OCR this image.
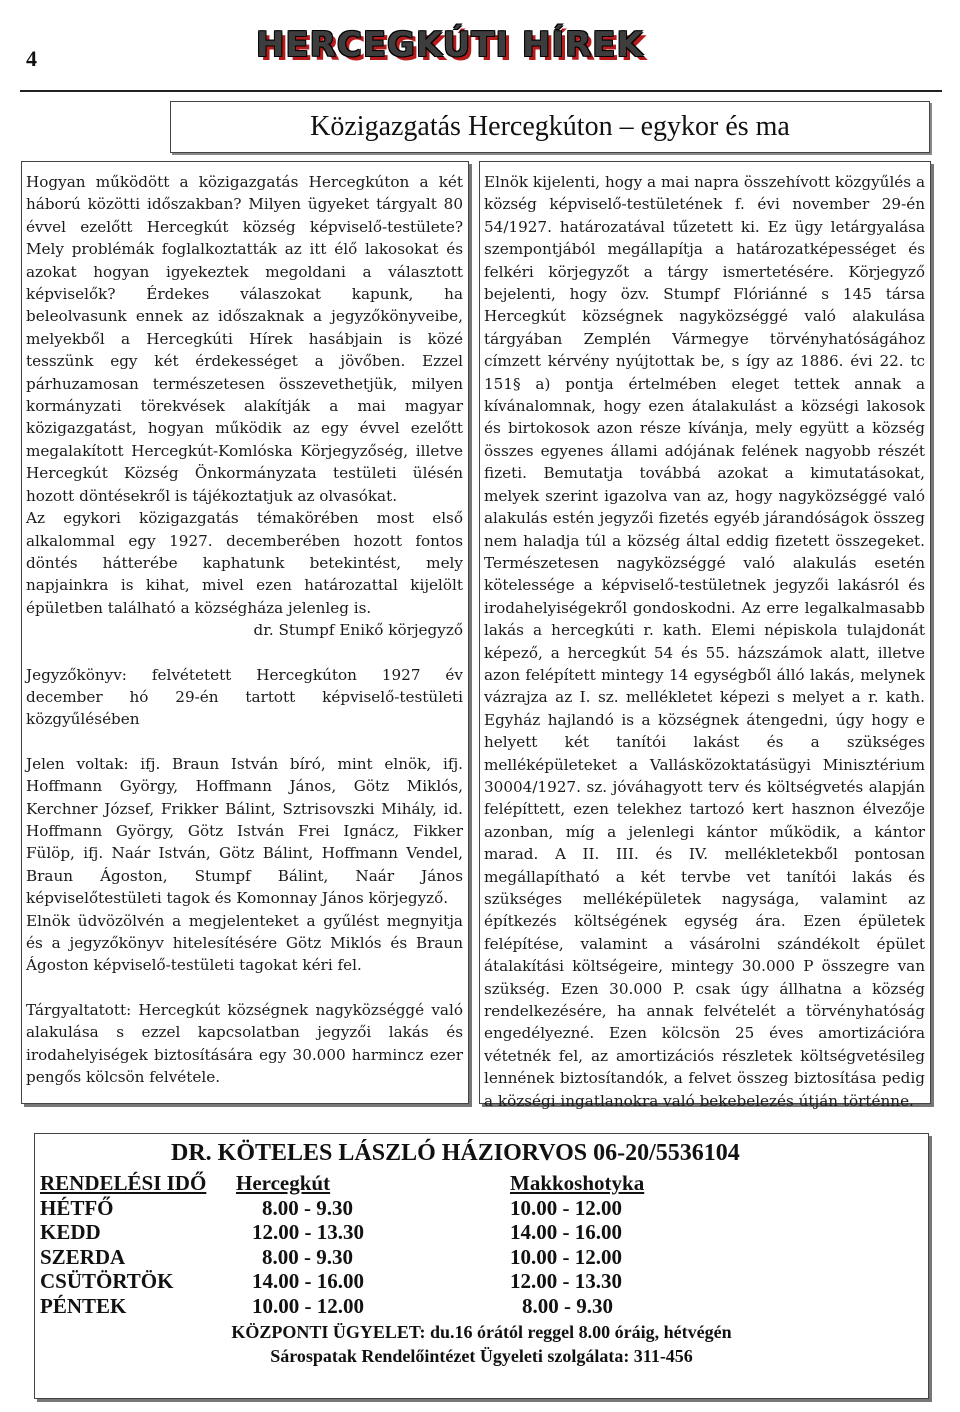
4	HERCEGKÚTI HÍREK
Közigazgatás Hercegkúton – egykor és ma

Hogyan működött a közigazgatás Hercegkúton a két háború közötti időszakban? Milyen ügyeket tárgyalt 80 évvel ezelőtt Hercegkút község képviselő-testülete? Mely problémák foglalkoztatták az itt élő lakosokat és azokat hogyan igyekeztek megoldani a választott képviselők? Érdekes válaszokat kapunk, ha beleolvasunk ennek az időszaknak a jegyzőkönyveibe, melyekből a Hercegkúti Hírek hasábjain is közé tesszünk egy két érdekességet a jövőben. Ezzel párhuzamosan természetesen összevethetjük, milyen kormányzati törekvések alakítják a mai magyar közigazgatást, hogyan működik az egy évvel ezelőtt megalakított Hercegkút-Komlóska Körjegyzőség, illetve Hercegkút Község Önkormányzata testületi ülésén hozott döntésekről is tájékoztatjuk az olvasókat.

Az egykori közigazgatás témakörében most első alkalommal egy 1927. decemberében hozott fontos döntés hátterébe kaphatunk betekintést, mely napjainkra is kihat, mivel ezen határozattal kijelölt épületben található a községháza jelenleg is.

dr. Stumpf Enikő körjegyző

Jegyzőkönyv: felvétetett Hercegkúton 1927 év december hó 29-én tartott képviselő-testületi közgyűlésében

Jelen voltak: ifj. Braun István bíró, mint elnök, ifj. Hoffmann György, Hoffmann János, Götz Miklós, Kerchner József, Frikker Bálint, Sztrisovszki Mihály, id. Hoffmann György, Götz István Frei Ignácz, Fikker Fülöp, ifj. Naár István, Götz Bálint, Hoffmann Vendel, Braun Ágoston, Stumpf Bálint, Naár János képviselőtestületi tagok és Komonnay János körjegyző.

Elnök üdvözölvén a megjelenteket a gyűlést megnyitja és a jegyzőkönyv hitelesítésére Götz Miklós és Braun Ágoston képviselő-testületi tagokat kéri fel.

Tárgyaltatott: Hercegkút községnek nagyközséggé való alakulása s ezzel kapcsolatban jegyzői lakás és irodahelyiségek biztosítására egy 30.000 harmincz ezer pengős kölcsön felvétele.

Elnök kijelenti, hogy a mai napra összehívott közgyűlés a község képviselő-testületének f. évi november 29-én 54/1927. határozatával tűzetett ki. Ez ügy letárgyalása szempontjából megállapítja a határozatképességet és felkéri körjegyzőt a tárgy ismertetésére. Körjegyző bejelenti, hogy özv. Stumpf Flóriánné s 145 társa Hercegkút községnek nagyközséggé való alakulása tárgyában Zemplén Vármegye törvényhatóságához címzett kérvény nyújtottak be, s így az 1886. évi 22. tc 151§ a) pontja értelmében eleget tettek annak a kívánalomnak, hogy ezen átalakulást a községi lakosok és birtokosok azon része kívánja, mely együtt a község összes egyenes állami adójának felének nagyobb részét fizeti. Bemutatja továbbá azokat a kimutatásokat, melyek szerint igazolva van az, hogy nagyközséggé való alakulás estén jegyzői fizetés egyéb járandóságok összeg nem haladja túl a község által eddig fizetett összegeket. Természetesen nagyközséggé való alakulás esetén kötelessége a képviselő-testületnek jegyzői lakásról és irodahelyiségekről gondoskodni. Az erre legalkalmasabb lakás a hercegkúti r. kath. Elemi népiskola tulajdonát képező, a hercegkút 54 és 55. házszámok alatt, illetve azon felépített mintegy 14 egységből álló lakás, melynek vázrajza az I. sz. mellékletet képezi s melyet a r. kath. Egyház hajlandó is a községnek átengedni, úgy hogy e helyett két tanítói lakást és a szükséges melléképületeket a Vallásközoktatásügyi Minisztérium 30004/1927. sz. jóváhagyott terv és költségvetés alapján felépíttett, ezen telekhez tartozó kert hasznon élvezője azonban, míg a jelenlegi kántor működik, a kántor marad. A II. III. és IV. mellékletekből pontosan megállapítható a két tervbe vet tanítói lakás és szükséges melléképületek nagysága, valamint az építkezés költségének egység ára. Ezen épületek felépítése, valamint a vásárolni szándékolt épület átalakítási költségeire, mintegy 30.000 P összegre van szükség. Ezen 30.000 P. csak úgy állhatna a község rendelkezésére, ha annak felvételét a törvényhatóság engedélyezné. Ezen kölcsön 25 éves amortizációra vétetnék fel, az amortizációs részletek költségvetésileg lennének biztosítandók, a felvet összeg biztosítása pedig a községi ingatlanokra való bekebelezés útján történne.

DR. KÖTELES LÁSZLÓ HÁZIORVOS 06-20/5536104
RENDELÉSI IDŐ Hercegkút	Makkoshotyka
HÉTFŐ	8.00 - 9.30	10.00 - 12.00
KEDD	12.00 - 13.30	14.00 - 16.00
SZERDA	8.00 - 9.30	10.00 - 12.00
CSÜTÖRTÖK	14.00 - 16.00	12.00 - 13.30
PÉNTEK	10.00 - 12.00	8.00 - 9.30
KÖZPONTI ÜGYELET: du.16 órától reggel 8.00 óráig, hétvégén
Sárospatak Rendelőintézet Ügyeleti szolgálata: 311-456
